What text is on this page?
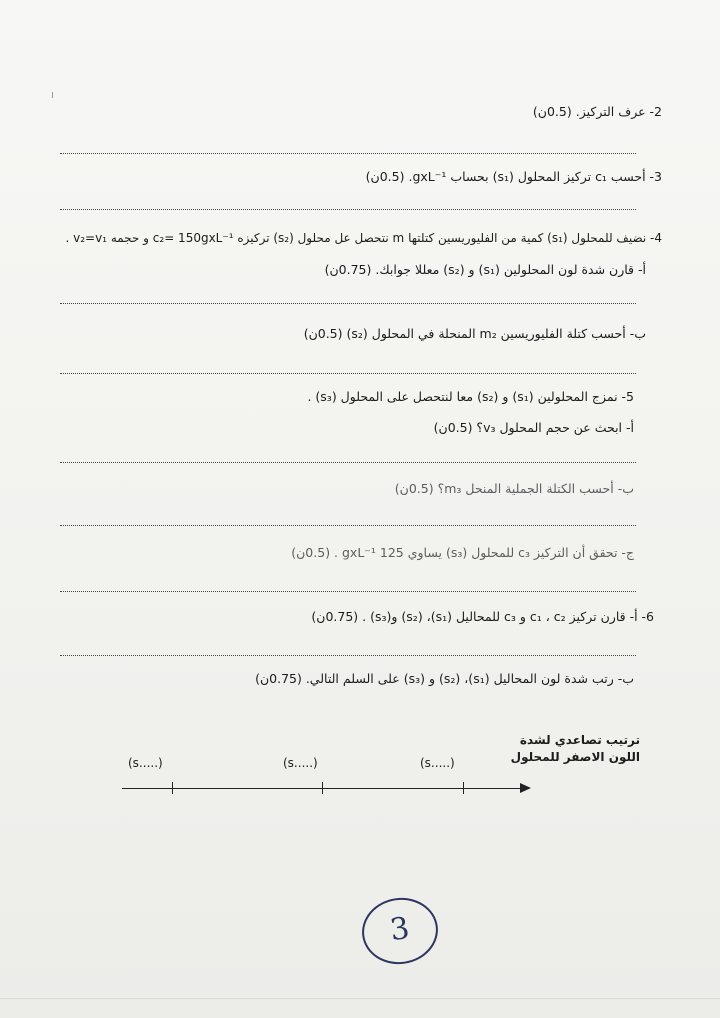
2- عرف التركيز. (0.5ن)
3- أحسب c₁ تركيز المحلول (s₁) بحساب gxL⁻¹. (0.5ن)
4- نضيف للمحلول (s₁) كمية من الفليوريسين كتلتها m نتحصل عل محلول (s₂) تركيزه c₂= 150gxL⁻¹ و حجمه v₂=v₁ .
أ- قارن شدة لون المحلولين (s₁) و (s₂) معللا جوابك. (0.75ن)
ب- أحسب كتلة الفليوريسين m₂ المنحلة في المحلول (s₂) (0.5ن)
5- نمزج المحلولين (s₁) و (s₂) معا لنتحصل على المحلول (s₃) .
أ- ابحث عن حجم المحلول v₃؟ (0.5ن)
ب- أحسب الكتلة الجملية المنحل m₃؟ (0.5ن)
ج- تحقق أن التركيز c₃ للمحلول (s₃) يساوي 125 gxL⁻¹ . (0.5ن)
6- أ- قارن تركيز c₁ ، c₂ و c₃ للمحاليل (s₁)، (s₂) و(s₃) . (0.75ن)
ب- رتب شدة لون المحاليل (s₁)، (s₂) و (s₃) على السلم التالي. (0.75ن)
ترتيب تصاعدي لشدة
اللون الاصفر للمحلول
(s.....)	(s.....)	(s.....)
3
